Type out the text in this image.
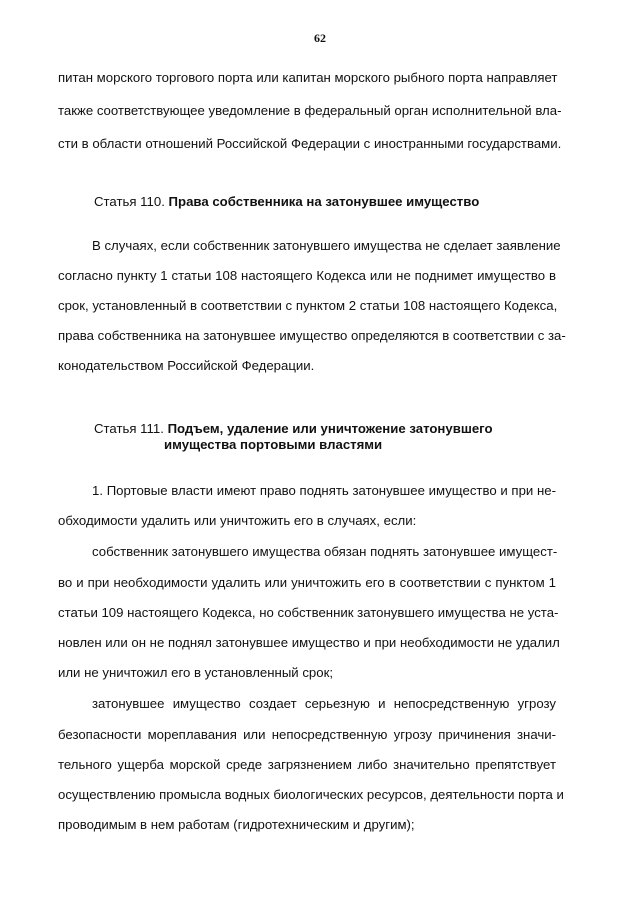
62
питан морского торгового порта или капитан морского рыбного порта направляет
также соответствующее уведомление в федеральный орган исполнительной вла-
сти в области отношений Российской Федерации с иностранными государствами.
Статья 110. Права собственника на затонувшее имущество
В случаях, если собственник затонувшего имущества не сделает заявление
согласно пункту 1 статьи 108 настоящего Кодекса или не поднимет имущество в
срок, установленный в соответствии с пунктом 2 статьи 108 настоящего Кодекса,
права собственника на затонувшее имущество определяются в соответствии с за-
конодательством Российской Федерации.
Статья 111. Подъем, удаление или уничтожение затонувшего
имущества портовыми властями
1. Портовые власти имеют право поднять затонувшее имущество и при не-
обходимости удалить или уничтожить его в случаях, если:
собственник затонувшего имущества обязан поднять затонувшее имущест-
во и при необходимости удалить или уничтожить его в соответствии с пунктом 1
статьи 109 настоящего Кодекса, но собственник затонувшего имущества не уста-
новлен или он не поднял затонувшее имущество и при необходимости не удалил
или не уничтожил его в установленный срок;
затонувшее имущество создает серьезную и непосредственную угрозу
безопасности мореплавания или непосредственную угрозу причинения значи-
тельного ущерба морской среде загрязнением либо значительно препятствует
осуществлению промысла водных биологических ресурсов, деятельности порта и
проводимым в нем работам (гидротехническим и другим);
